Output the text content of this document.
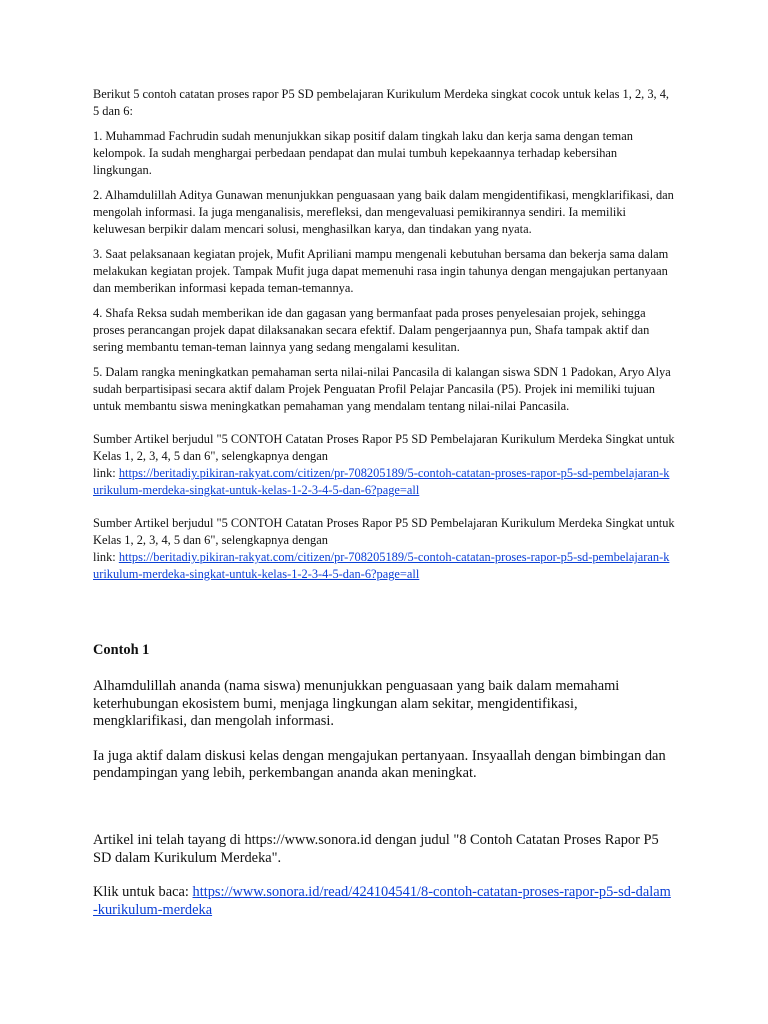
Berikut 5 contoh catatan proses rapor P5 SD pembelajaran Kurikulum Merdeka singkat cocok untuk kelas 1, 2, 3, 4, 5 dan 6:

1. Muhammad Fachrudin sudah menunjukkan sikap positif dalam tingkah laku dan kerja sama dengan teman kelompok. Ia sudah menghargai perbedaan pendapat dan mulai tumbuh kepekaannya terhadap kebersihan lingkungan.

2. Alhamdulillah Aditya Gunawan menunjukkan penguasaan yang baik dalam mengidentifikasi, mengklarifikasi, dan mengolah informasi. Ia juga menganalisis, merefleksi, dan mengevaluasi pemikirannya sendiri. Ia memiliki keluwesan berpikir dalam mencari solusi, menghasilkan karya, dan tindakan yang nyata.

3. Saat pelaksanaan kegiatan projek, Mufit Apriliani mampu mengenali kebutuhan bersama dan bekerja sama dalam melakukan kegiatan projek. Tampak Mufit juga dapat memenuhi rasa ingin tahunya dengan mengajukan pertanyaan dan memberikan informasi kepada teman-temannya.

4. Shafa Reksa sudah memberikan ide dan gagasan yang bermanfaat pada proses penyelesaian projek, sehingga proses perancangan projek dapat dilaksanakan secara efektif. Dalam pengerjaannya pun, Shafa tampak aktif dan sering membantu teman-teman lainnya yang sedang mengalami kesulitan.

5. Dalam rangka meningkatkan pemahaman serta nilai-nilai Pancasila di kalangan siswa SDN 1 Padokan, Aryo Alya sudah berpartisipasi secara aktif dalam Projek Penguatan Profil Pelajar Pancasila (P5). Projek ini memiliki tujuan untuk membantu siswa meningkatkan pemahaman yang mendalam tentang nilai-nilai Pancasila.

Sumber Artikel berjudul "5 CONTOH Catatan Proses Rapor P5 SD Pembelajaran Kurikulum Merdeka Singkat untuk Kelas 1, 2, 3, 4, 5 dan 6", selengkapnya dengan
link: https://beritadiy.pikiran-rakyat.com/citizen/pr-708205189/5-contoh-catatan-proses-rapor-p5-sd-pembelajaran-kurikulum-merdeka-singkat-untuk-kelas-1-2-3-4-5-dan-6?page=all

Sumber Artikel berjudul "5 CONTOH Catatan Proses Rapor P5 SD Pembelajaran Kurikulum Merdeka Singkat untuk Kelas 1, 2, 3, 4, 5 dan 6", selengkapnya dengan
link: https://beritadiy.pikiran-rakyat.com/citizen/pr-708205189/5-contoh-catatan-proses-rapor-p5-sd-pembelajaran-kurikulum-merdeka-singkat-untuk-kelas-1-2-3-4-5-dan-6?page=all

Contoh 1

Alhamdulillah ananda (nama siswa) menunjukkan penguasaan yang baik dalam memahami keterhubungan ekosistem bumi, menjaga lingkungan alam sekitar, mengidentifikasi, mengklarifikasi, dan mengolah informasi.

Ia juga aktif dalam diskusi kelas dengan mengajukan pertanyaan. Insyaallah dengan bimbingan dan pendampingan yang lebih, perkembangan ananda akan meningkat.

Artikel ini telah tayang di https://www.sonora.id dengan judul "8 Contoh Catatan Proses Rapor P5 SD dalam Kurikulum Merdeka".

Klik untuk baca: https://www.sonora.id/read/424104541/8-contoh-catatan-proses-rapor-p5-sd-dalam-kurikulum-merdeka
